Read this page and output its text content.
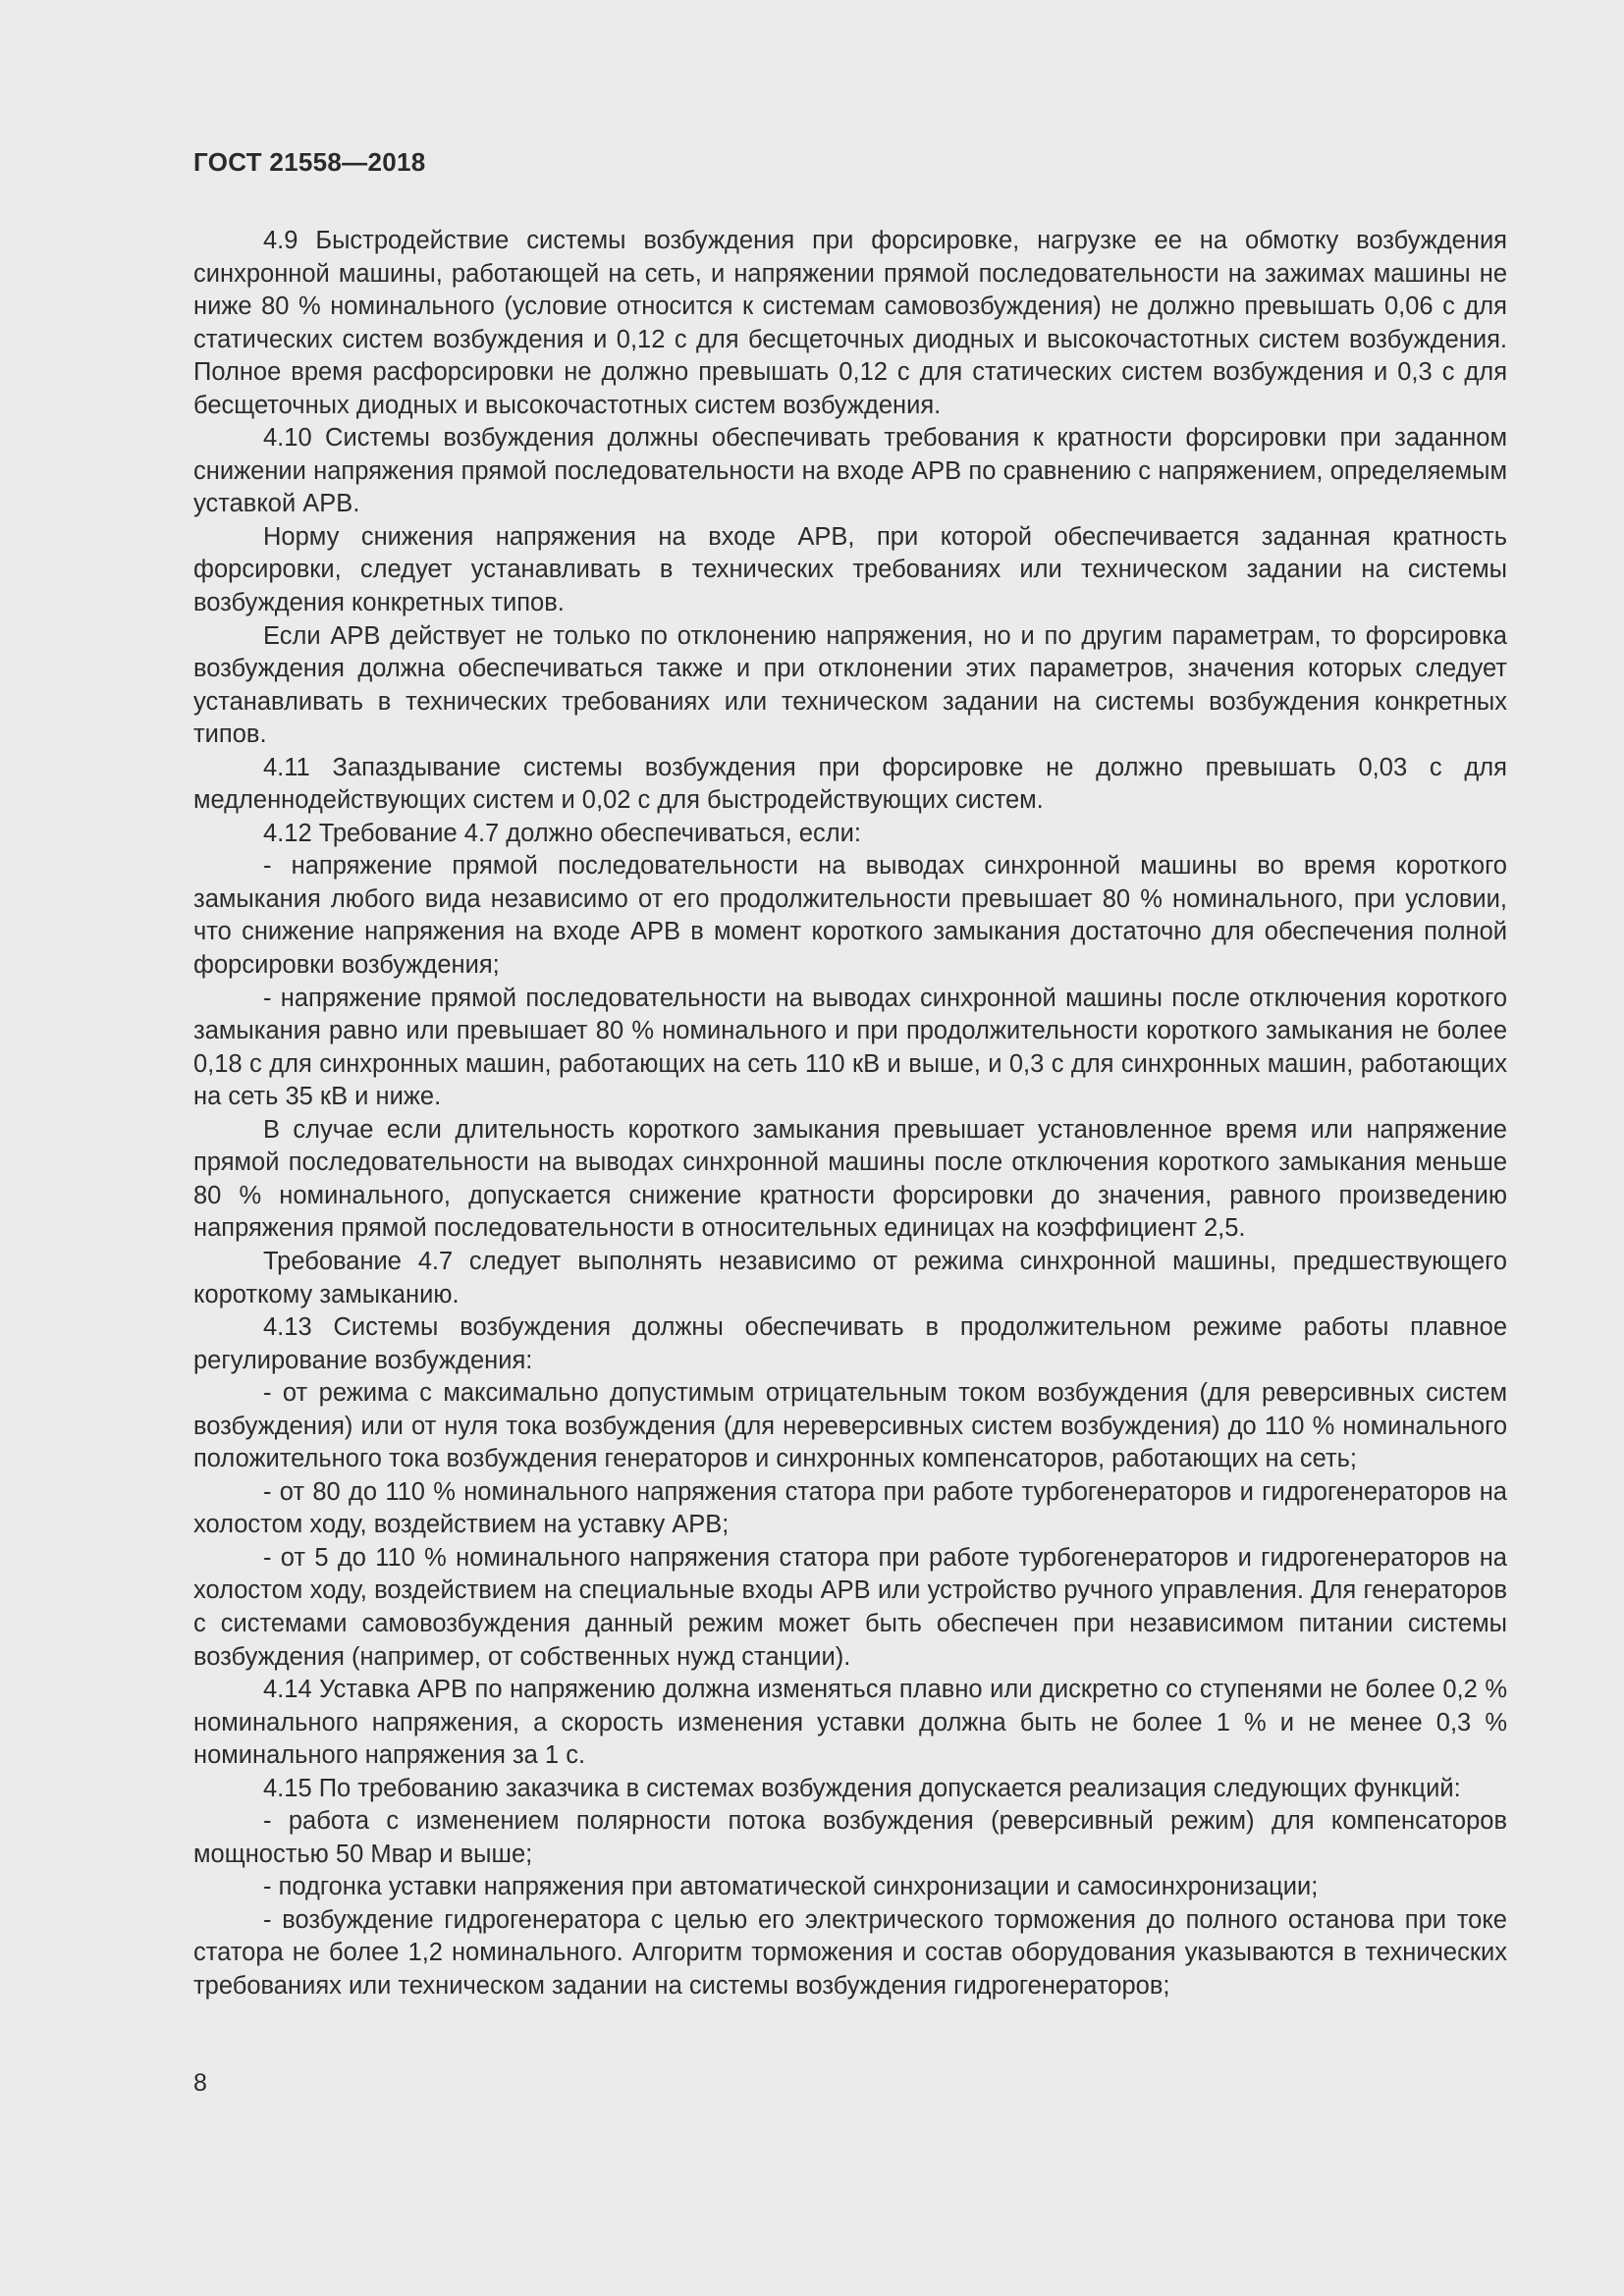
ГОСТ 21558—2018

4.9 Быстродействие системы возбуждения при форсировке, нагрузке ее на обмотку возбуждения синхронной машины, работающей на сеть, и напряжении прямой последовательности на зажимах машины не ниже 80 % номинального (условие относится к системам самовозбуждения) не должно превышать 0,06 с для статических систем возбуждения и 0,12 с для бесщеточных диодных и высокочастотных систем возбуждения. Полное время расфорсировки не должно превышать 0,12 с для статических систем возбуждения и 0,3 с для бесщеточных диодных и высокочастотных систем возбуждения.

4.10 Системы возбуждения должны обеспечивать требования к кратности форсировки при заданном снижении напряжения прямой последовательности на входе АРВ по сравнению с напряжением, определяемым уставкой АРВ.

Норму снижения напряжения на входе АРВ, при которой обеспечивается заданная кратность форсировки, следует устанавливать в технических требованиях или техническом задании на системы возбуждения конкретных типов.

Если АРВ действует не только по отклонению напряжения, но и по другим параметрам, то форсировка возбуждения должна обеспечиваться также и при отклонении этих параметров, значения которых следует устанавливать в технических требованиях или техническом задании на системы возбуждения конкретных типов.

4.11 Запаздывание системы возбуждения при форсировке не должно превышать 0,03 с для медленнодействующих систем и 0,02 с для быстродействующих систем.

4.12 Требование 4.7 должно обеспечиваться, если:

- напряжение прямой последовательности на выводах синхронной машины во время короткого замыкания любого вида независимо от его продолжительности превышает 80 % номинального, при условии, что снижение напряжения на входе АРВ в момент короткого замыкания достаточно для обеспечения полной форсировки возбуждения;

- напряжение прямой последовательности на выводах синхронной машины после отключения короткого замыкания равно или превышает 80 % номинального и при продолжительности короткого замыкания не более 0,18 с для синхронных машин, работающих на сеть 110 кВ и выше, и 0,3 с для синхронных машин, работающих на сеть 35 кВ и ниже.

В случае если длительность короткого замыкания превышает установленное время или напряжение прямой последовательности на выводах синхронной машины после отключения короткого замыкания меньше 80 % номинального, допускается снижение кратности форсировки до значения, равного произведению напряжения прямой последовательности в относительных единицах на коэффициент 2,5.

Требование 4.7 следует выполнять независимо от режима синхронной машины, предшествующего короткому замыканию.

4.13 Системы возбуждения должны обеспечивать в продолжительном режиме работы плавное регулирование возбуждения:

- от режима с максимально допустимым отрицательным током возбуждения (для реверсивных систем возбуждения) или от нуля тока возбуждения (для нереверсивных систем возбуждения) до 110 % номинального положительного тока возбуждения генераторов и синхронных компенсаторов, работающих на сеть;

- от 80 до 110 % номинального напряжения статора при работе турбогенераторов и гидрогенераторов на холостом ходу, воздействием на уставку АРВ;

- от 5 до 110 % номинального напряжения статора при работе турбогенераторов и гидрогенераторов на холостом ходу, воздействием на специальные входы АРВ или устройство ручного управления. Для генераторов с системами самовозбуждения данный режим может быть обеспечен при независимом питании системы возбуждения (например, от собственных нужд станции).

4.14 Уставка АРВ по напряжению должна изменяться плавно или дискретно со ступенями не более 0,2 % номинального напряжения, а скорость изменения уставки должна быть не более 1 % и не менее 0,3 % номинального напряжения за 1 с.

4.15 По требованию заказчика в системах возбуждения допускается реализация следующих функций:

- работа с изменением полярности потока возбуждения (реверсивный режим) для компенсаторов мощностью 50 Мвар и выше;

- подгонка уставки напряжения при автоматической синхронизации и самосинхронизации;

- возбуждение гидрогенератора с целью его электрического торможения до полного останова при токе статора не более 1,2 номинального. Алгоритм торможения и состав оборудования указываются в технических требованиях или техническом задании на системы возбуждения гидрогенераторов;

8
